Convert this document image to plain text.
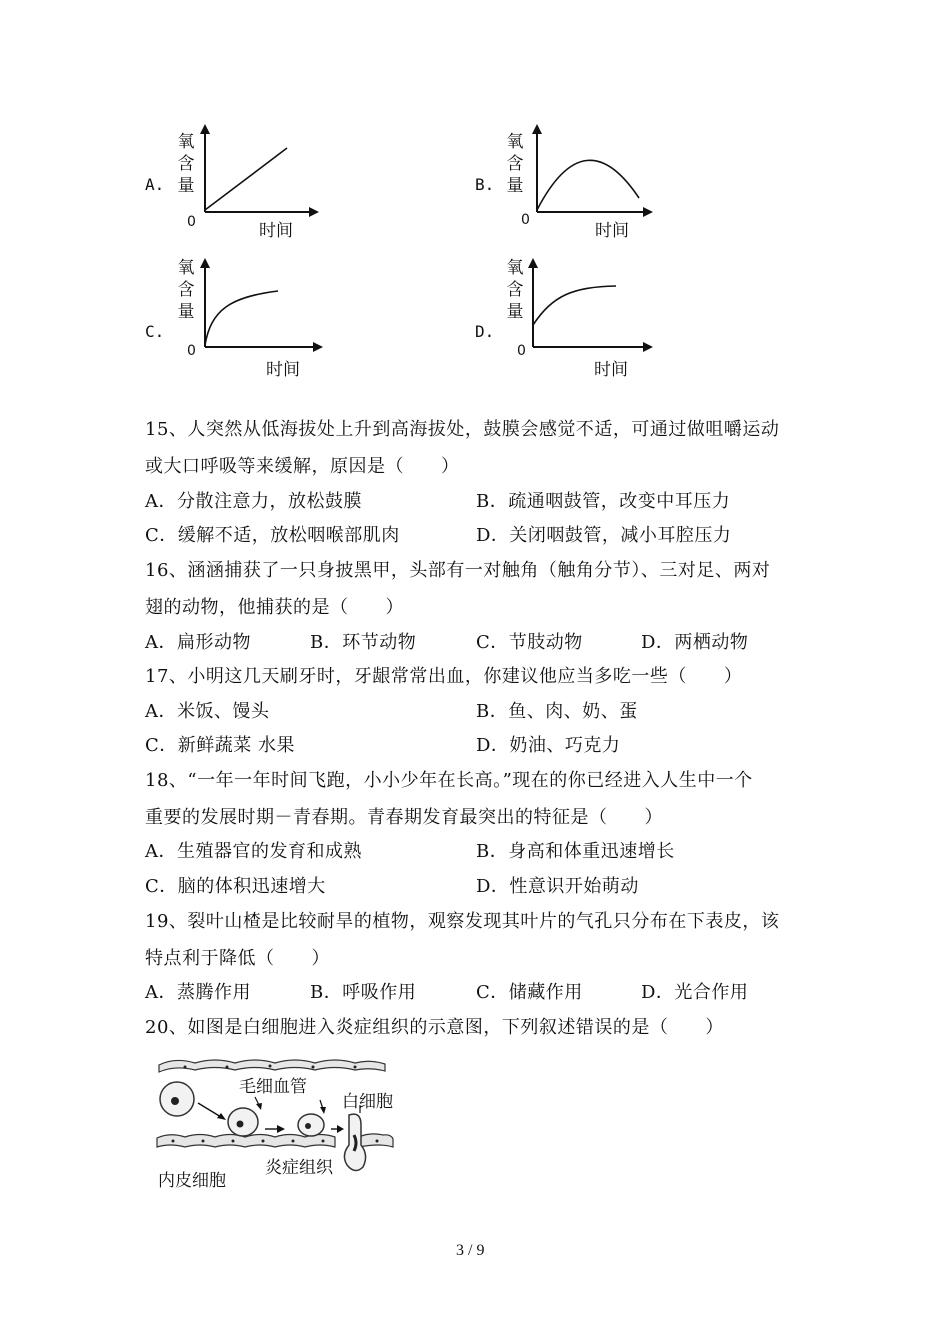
A.
氧
含
量
0	时间
B.
氧
含
量
0
时间
C.
氧
含
量
0
时间
D.
氧
含
量
0
时间
15、人突然从低海拔处上升到高海拔处，鼓膜会感觉不适，可通过做咀嚼运动
或大口呼吸等来缓解，原因是（　　）
A．分散注意力，放松鼓膜	B．疏通咽鼓管，改变中耳压力
C．缓解不适，放松咽喉部肌肉	D．关闭咽鼓管，减小耳腔压力
16、涵涵捕获了一只身披黑甲，头部有一对触角（触角分节）、三对足、两对
翅的动物，他捕获的是（　　）
A．扁形动物	B．环节动物	C．节肢动物	D．两栖动物
17、小明这几天刷牙时，牙龈常常出血，你建议他应当多吃一些（　　）
A．米饭、馒头	B．鱼、肉、奶、蛋
C．新鲜蔬菜 水果	D．奶油、巧克力
18、“一年一年时间飞跑，小小少年在长高。”现在的你已经进入人生中一个
重要的发展时期－青春期。青春期发育最突出的特征是（　　）
A．生殖器官的发育和成熟	B．身高和体重迅速增长
C．脑的体积迅速增大	D．性意识开始萌动
19、裂叶山楂是比较耐旱的植物，观察发现其叶片的气孔只分布在下表皮，该
特点利于降低（　　）
A．蒸腾作用	B．呼吸作用	C．储藏作用	D．光合作用
20、如图是白细胞进入炎症组织的示意图，下列叙述错误的是（　　）
毛细血管
白细胞
内皮细胞
炎症组织
3 / 9
